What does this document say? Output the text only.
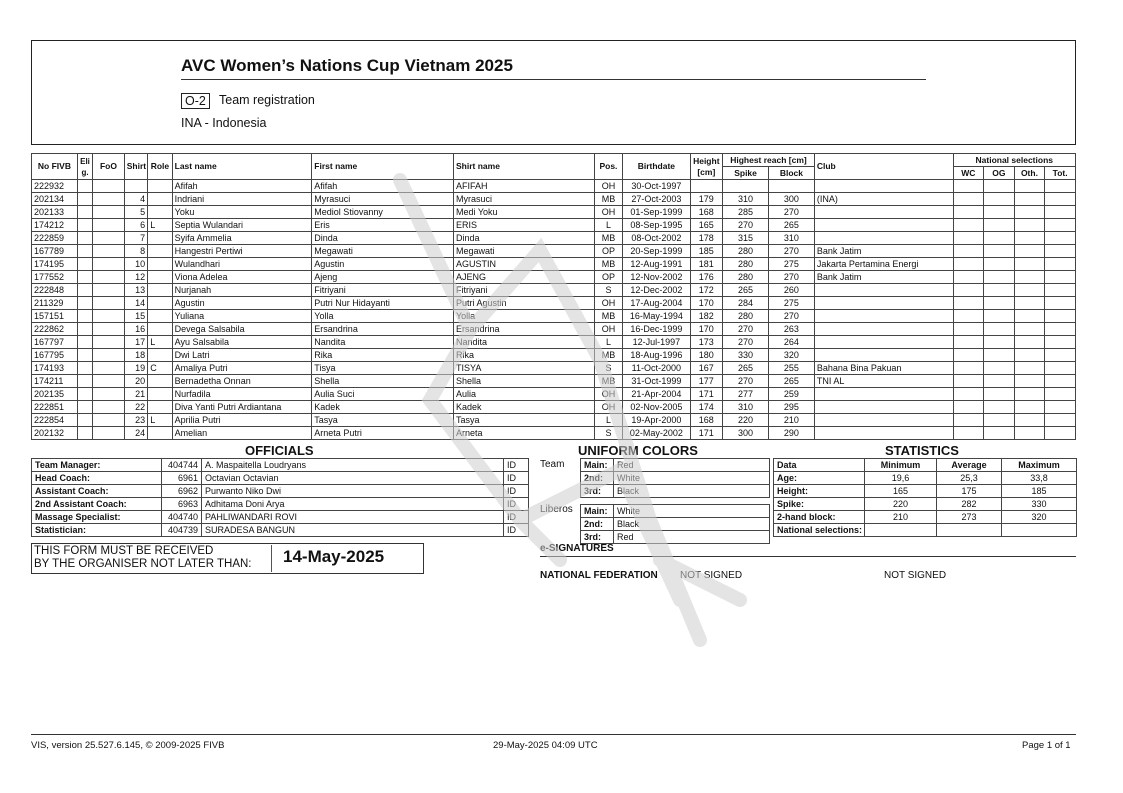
AVC Women’s Nations Cup Vietnam 2025
O-2	Team registration
INA - Indonesia
No FIVB	Eli g.	FoO	Shirt	Role	Last name	First name	Shirt name	Pos.	Birthdate	Height [cm]	Highest reach [cm]		Club	National selections			
											Spike	Block		WC	OG	Oth.	Tot.
222932					Afifah	Afifah	AFIFAH	OH	30-Oct-1997								
202134			4		Indriani	Myrasuci	Myrasuci	MB	27-Oct-2003	179	310	300	(INA)				
202133			5		Yoku	Mediol Stiovanny	Medi Yoku	OH	01-Sep-1999	168	285	270					
174212			6	L	Septia Wulandari	Eris	ERIS	L	08-Sep-1995	165	270	265					
222859			7		Syifa Ammelia	Dinda	Dinda	MB	08-Oct-2002	178	315	310					
167789			8		Hangestri Pertiwi	Megawati	Megawati	OP	20-Sep-1999	185	280	270	Bank Jatim				
174195			10		Wulandhari	Agustin	AGUSTIN	MB	12-Aug-1991	181	280	275	Jakarta Pertamina Energi				
177552			12		Viona Adelea	Ajeng	AJENG	OP	12-Nov-2002	176	280	270	Bank Jatim				
222848			13		Nurjanah	Fitriyani	Fitriyani	S	12-Dec-2002	172	265	260					
211329			14		Agustin	Putri Nur Hidayanti	Putri Agustin	OH	17-Aug-2004	170	284	275					
157151			15		Yuliana	Yolla	Yolla	MB	16-May-1994	182	280	270					
222862			16		Devega Salsabila	Ersandrina	Ersandrina	OH	16-Dec-1999	170	270	263					
167797			17	L	Ayu Salsabila	Nandita	Nandita	L	12-Jul-1997	173	270	264					
167795			18		Dwi Latri	Rika	Rika	MB	18-Aug-1996	180	330	320					
174193			19	C	Amaliya Putri	Tisya	TISYA	S	11-Oct-2000	167	265	255	Bahana Bina Pakuan				
174211			20		Bernadetha Onnan	Shella	Shella	MB	31-Oct-1999	177	270	265	TNI AL				
202135			21		Nurfadila	Aulia Suci	Aulia	OH	21-Apr-2004	171	277	259					
222851			22		Diva Yanti Putri Ardiantana	Kadek	Kadek	OH	02-Nov-2005	174	310	295					
222854			23	L	Aprilia Putri	Tasya	Tasya	L	19-Apr-2000	168	220	210					
202132			24		Amelian	Arneta Putri	Arneta	S	02-May-2002	171	300	290					
OFFICIALS
Team Manager:	404744	A. Maspaitella Loudryans	ID
Head Coach:	6961	Octavian Octavian	ID
Assistant Coach:	6962	Purwanto Niko Dwi	ID
2nd Assistant Coach:	6963	Adhitama Doni Arya	ID
Massage Specialist:	404740	PAHLIWANDARI ROVI	ID
Statistician:	404739	SURADESA BANGUN	ID
UNIFORM COLORS
Team
Liberos
Main:	Red
2nd:	White
3rd:	Black
Main:	White
2nd:	Black
3rd:	Red
STATISTICS
Data	Minimum	Average	Maximum
Age:	19,6	25,3	33,8
Height:	165	175	185
Spike:	220	282	330
2-hand block:	210	273	320
National selections:			
THIS FORM MUST BE RECEIVED
BY THE ORGANISER NOT LATER THAN:	14-May-2025	e-SIGNATURES
NATIONAL FEDERATION NOT SIGNED	NOT SIGNED
VIS, version 25.527.6.145, © 2009-2025 FIVB	29-May-2025 04:09 UTC	Page 1 of 1
